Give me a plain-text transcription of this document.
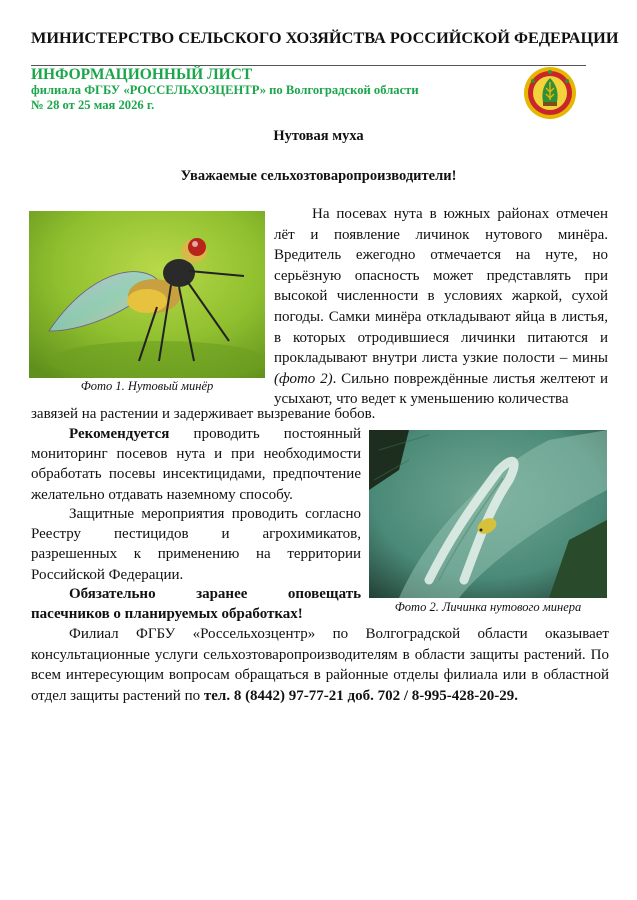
МИНИСТЕРСТВО СЕЛЬСКОГО ХОЗЯЙСТВА РОССИЙСКОЙ ФЕДЕРАЦИИ
ИНФОРМАЦИОННЫЙ ЛИСТ
филиала ФГБУ «РОССЕЛЬХОЗЦЕНТР» по Волгоградской области
№ 28 от 25 мая 2026 г.
Нутовая муха
Уважаемые сельхозтоваропроизводители!
Фото 1. Нутовый минёр
Фото 2. Личинка нутового минера
На посевах нута в южных районах отмечен лёт и появление личинок нутового минёра. Вредитель ежегодно отмечается на нуте, но серьёзную опасность может представлять при высокой численности в условиях жаркой, сухой погоды. Самки минёра откладывают яйца в листья, в которых отродившиеся личинки питаются и прокладывают внутри листа узкие полости – мины (фото 2). Сильно повреждённые листья желтеют и усыхают, что ведет к уменьшению количества
завязей на растении и задерживает вызревание бобов.
Рекомендуется проводить постоянный мониторинг посевов нута и при необходимости обработать посевы инсектицидами, предпочтение желательно отдавать наземному способу.
Защитные мероприятия проводить согласно Реестру пестицидов и агрохимикатов, разрешенных к применению на территории Российской Федерации.
Обязательно заранее оповещать пасечников о планируемых обработках!
Филиал ФГБУ «Россельхозцентр» по Волгоградской области оказывает консультационные услуги сельхозтоваропроизводителям в области защиты растений. По всем интересующим вопросам обращаться в районные отделы филиала или в областной отдел защиты растений по тел. 8 (8442) 97-77-21 доб. 702 / 8-995-428-20-29.
